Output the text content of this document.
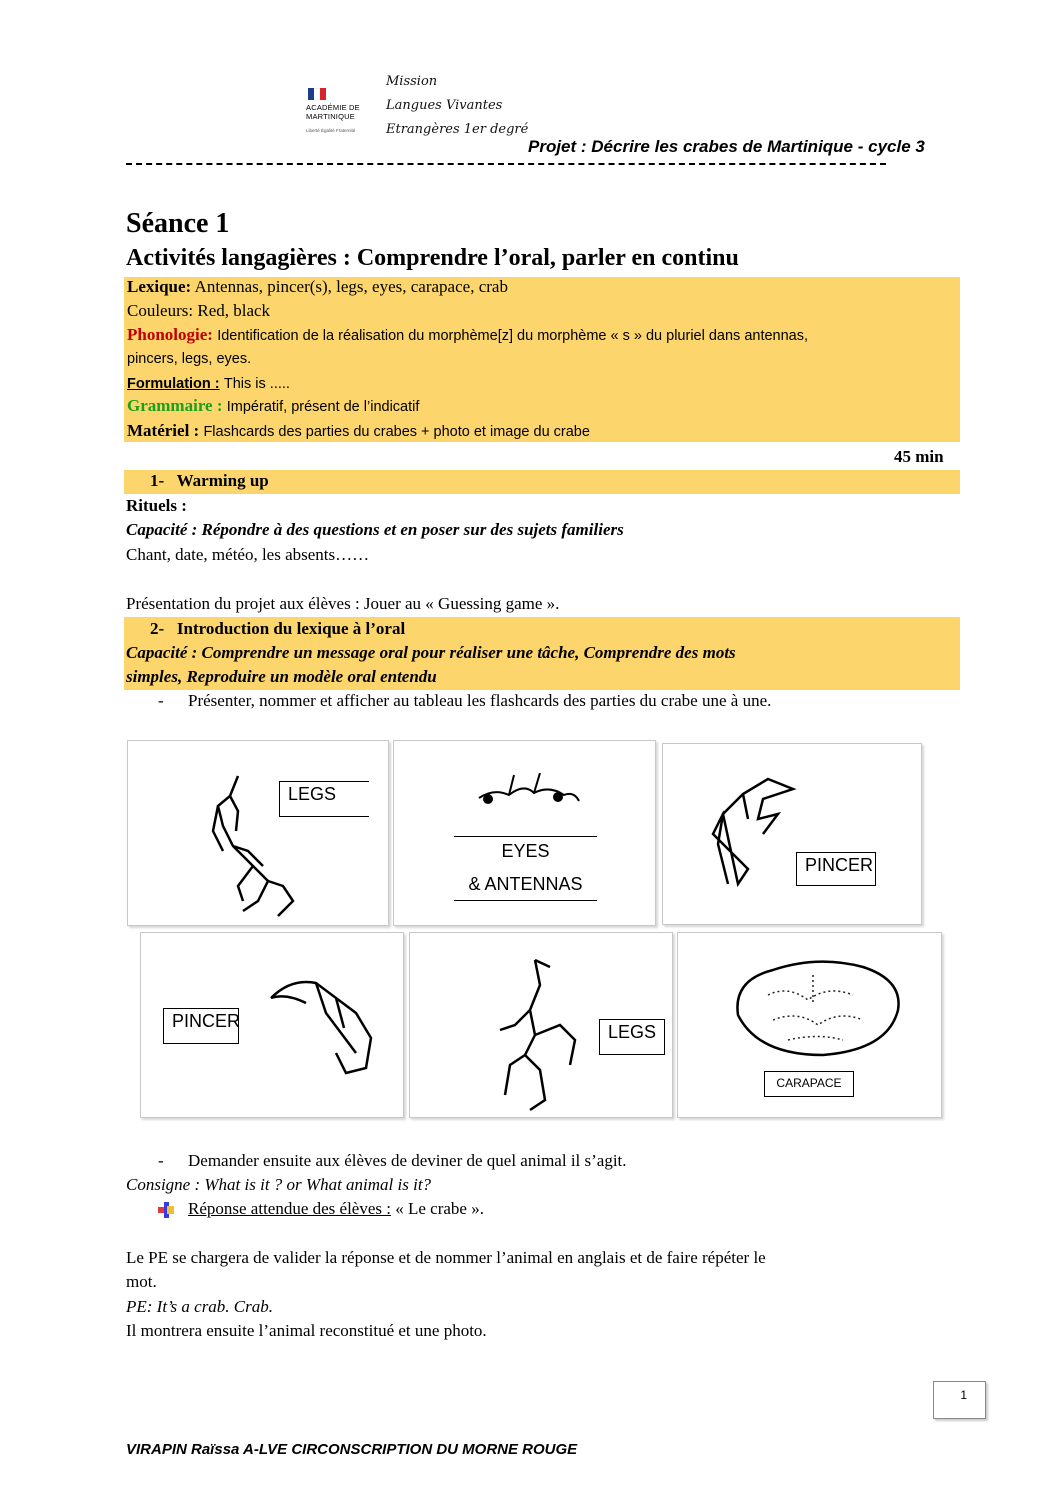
ACADÉMIE DE MARTINIQUE
Liberté Égalité Fraternité
Mission
Langues Vivantes
Etrangères 1er degré
Projet : Décrire les crabes de Martinique - cycle 3
Séance 1
Activités langagières : Comprendre l’oral, parler en continu
Lexique: Antennas, pincer(s), legs, eyes, carapace, crab
Couleurs: Red, black
Phonologie: Identification de la réalisation du morphème[z] du morphème « s » du pluriel dans antennas,
pincers, legs, eyes.
Formulation : This is .....
Grammaire : Impératif, présent de l’indicatif
Matériel : Flashcards des parties du crabes + photo et image du crabe
45 min
1- Warming up
Rituels :
Capacité : Répondre à des questions et en poser sur des sujets familiers
Chant, date, météo, les absents……
Présentation du projet aux élèves : Jouer au « Guessing game ».
2- Introduction du lexique à l’oral
Capacité : Comprendre un message oral pour réaliser une tâche, Comprendre des mots
simples, Reproduire un modèle oral entendu
- Présenter, nommer et afficher au tableau les flashcards des parties du crabe une à une.
LEGS
EYES
& ANTENNAS
PINCER
PINCER
LEGS
CARAPACE
- Demander ensuite aux élèves de deviner de quel animal il s’agit.
Consigne : What is it ? or What animal is it?
Réponse attendue des élèves : « Le crabe ».
Le PE se chargera de valider la réponse et de nommer l’animal en anglais et de faire répéter le
mot.
PE: It’s a crab. Crab.
Il montrera ensuite l’animal reconstitué et une photo.
1
VIRAPIN Raïssa A-LVE CIRCONSCRIPTION DU MORNE ROUGE
